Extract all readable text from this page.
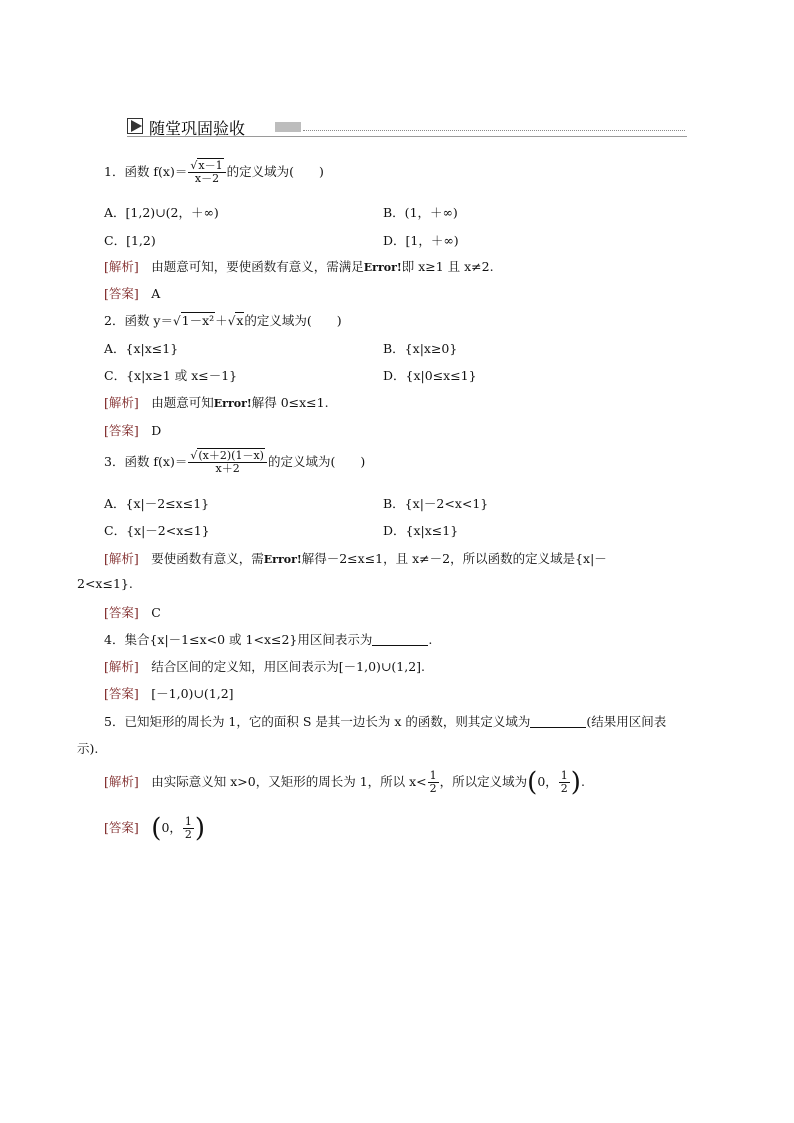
随堂巩固验收
1．函数 $f(x)= \frac{√x-1}{x-2}$ 的定义域为(　　)
A．[1,2)∪(2，＋∞)	B．(1，＋∞)
C．[1,2)	D．[1，＋∞)
[解析]　 由题意可知，要使函数有意义，需满足Error!即 x≥1 且 x≠2.
[答案]　 A
2．函数 y＝√1－x²＋√x的定义域为(　　)
A．{x|x≤1}	B．{x|x≥0}
C．{x|x≥1 或 x≤－1}	D．{x|0≤x≤1}
[解析]　 由题意可知Error!解得 0≤x≤1.
[答案]　 D
3．函数 $f(x)= \frac{√(x+2)(1-x)}{x+2}$ 的定义域为(　　)
A．{x|－2≤x≤1}	B．{x|－2<x<1}
C．{x|－2<x≤1}	D．{x|x≤1}
[解析]　 要使函数有意义，需Error!解得－2≤x≤1，且 x≠－2，所以函数的定义域是{x|－
2<x≤1}.
[答案]　 C
4．集合{x|－1≤x<0 或 1<x≤2}用区间表示为	.
[解析]　 结合区间的定义知，用区间表示为[－1,0)∪(1,2].
[答案]　 [－1,0)∪(1,2]
5．已知矩形的周长为 1，它的面积 S 是其一边长为 x 的函数，则其定义域为	(结果用区间表
示).
[解析]　 由实际意义知 x>0，又矩形的周长为 1，所以 $x< \frac{1}{2}$ ，所以定义域为(0， $\frac{1}{2}$ ).
[答案]　 (0， $\frac{1}{2}$ )
